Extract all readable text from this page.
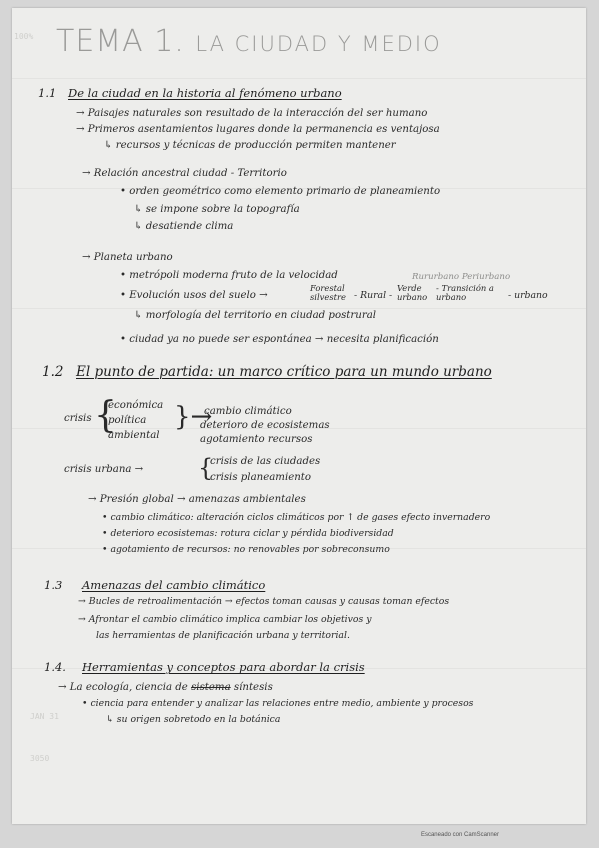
100%
JAN 31
3050
TEMA 1. LA CIUDAD Y MEDIO
1.1 De la ciudad en la historia al fenómeno urbano
→ Paisajes naturales son resultado de la interacción del ser humano
→ Primeros asentamientos lugares donde la permanencia es ventajosa
↳ recursos y técnicas de producción permiten mantener
→ Relación ancestral ciudad - Territorio
• orden geométrico como elemento primario de planeamiento
↳ se impone sobre la topografía
↳ desatiende clima
→ Planeta urbano
• metrópoli moderna fruto de la velocidad	Rururbano Periurbano
• Evolución usos del suelo →
Forestal silvestre - Rural -
Verde urbano
- Transición a urbano	- urbano
↳ morfología del territorio en ciudad postrural
• ciudad ya no puede ser espontánea → necesita planificación
1.2 El punto de partida: un marco crítico para un mundo urbano
crisis {
económica
política
ambiental
}→
cambio climático
deterioro de ecosistemas
agotamiento recursos
crisis urbana → {
crisis de las ciudades
crisis planeamiento
→ Presión global → amenazas ambientales
• cambio climático: alteración ciclos climáticos por ↑ de gases efecto invernadero
• deterioro ecosistemas: rotura ciclar y pérdida biodiversidad
• agotamiento de recursos: no renovables por sobreconsumo
1.3 Amenazas del cambio climático
→ Bucles de retroalimentación → efectos toman causas y causas toman efectos
→ Afrontar el cambio climático implica cambiar los objetivos y
las herramientas de planificación urbana y territorial.
1.4. Herramientas y conceptos para abordar la crisis
→ La ecología, ciencia de sistema síntesis
• ciencia para entender y analizar las relaciones entre medio, ambiente y procesos
↳ su origen sobretodo en la botánica
Escaneado con CamScanner
